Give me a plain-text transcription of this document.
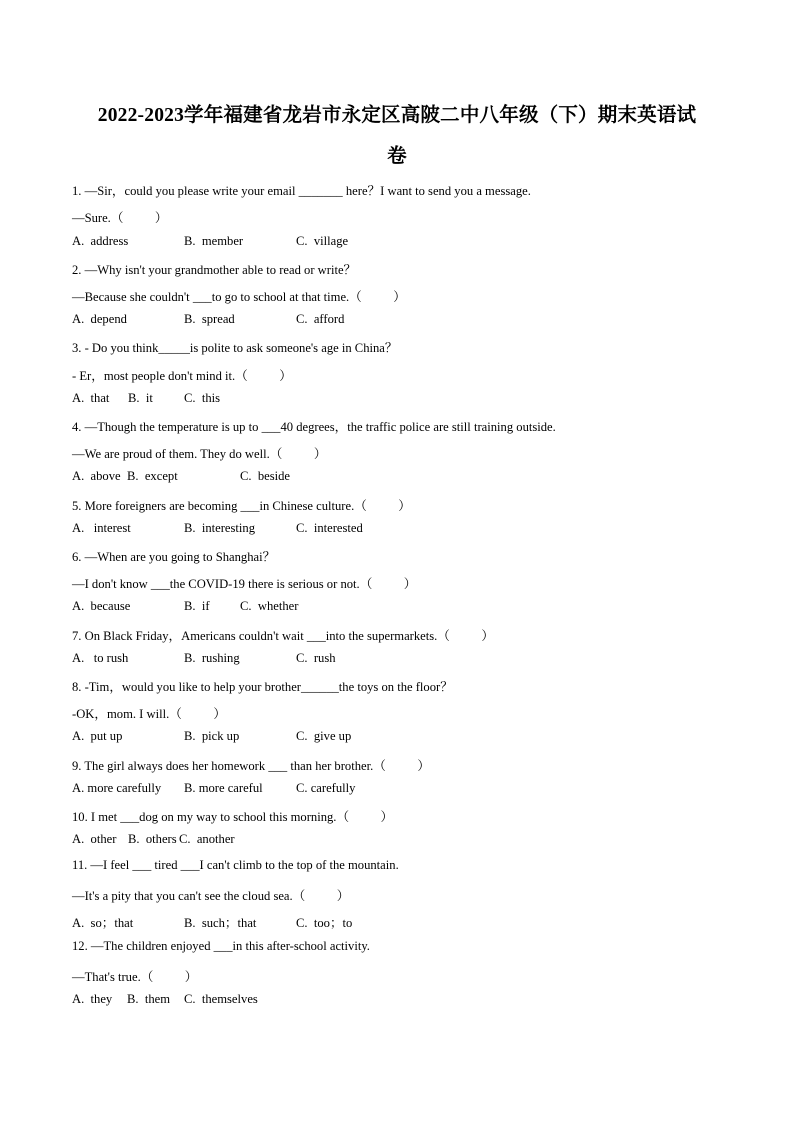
2022-2023学年福建省龙岩市永定区高陂二中八年级（下）期末英语试
卷
1. —Sir，could you please write your email _______ here？I want to send you a message.
—Sure.（          ）
A.  address	B.  member	C.  village
2. —Why isn't your grandmother able to read or write？
—Because she couldn't ___to go to school at that time.（          ）
A.  depend	B.  spread	C.  afford
3. - Do you think_____is polite to ask someone's age in China？
- Er，most people don't mind it.（          ）
A.  that B.  it C.  this
4. —Though the temperature is up to ___40 degrees，the traffic police are still training outside.
—We are proud of them. They do well.（          ）
A.  above B.  except	C.  beside
5. More foreigners are becoming ___in Chinese culture.（          ）
A.   interest	B.  interesting	C.  interested
6. —When are you going to Shanghai？
—I don't know ___the COVID-19 there is serious or not.（          ）
A.  because	B.  if C.  whether
7. On Black Friday，Americans couldn't wait ___into the supermarkets.（          ）
A.   to rush	B.  rushing	C.  rush
8. -Tim，would you like to help your brother______the toys on the floor？
-OK，mom. I will.（          ）
A.  put up	B.  pick up	C.  give up
9. The girl always does her homework ___ than her brother.（          ）
A. more carefully B. more careful	C. carefully
10. I met ___dog on my way to school this morning.（          ）
A.  other B.  others C.  another
11. —I feel ___ tired ___I can't climb to the top of the mountain.
—It's a pity that you can't see the cloud sea.（          ）
A.  so；that	B.  such；that	C.  too；to
12. —The children enjoyed ___in this after-school activity.
—That's true.（          ）
A.  they B.  them C.  themselves
